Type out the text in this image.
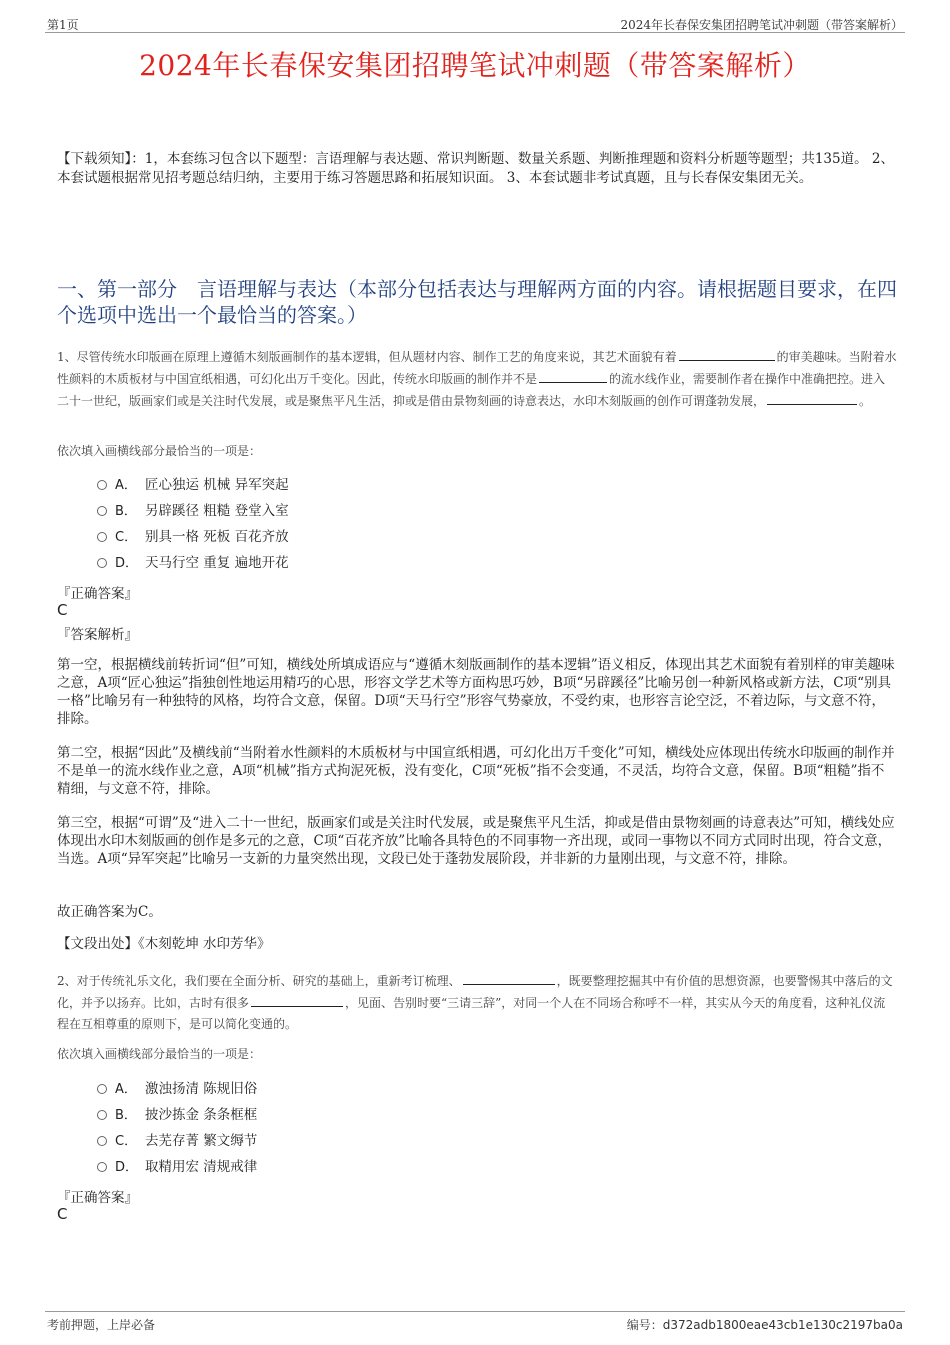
第1页	2024年长春保安集团招聘笔试冲刺题（带答案解析）
2024年长春保安集团招聘笔试冲刺题（带答案解析）
【下载须知】：1，本套练习包含以下题型：言语理解与表达题、常识判断题、数量关系题、判断推理题和资料分析题等题型；共135道。 2、本套试题根据常见招考题总结归纳，主要用于练习答题思路和拓展知识面。 3、本套试题非考试真题，且与长春保安集团无关。
一、第一部分　言语理解与表达（本部分包括表达与理解两方面的内容。请根据题目要求，在四个选项中选出一个最恰当的答案。）
1、尽管传统水印版画在原理上遵循木刻版画制作的基本逻辑，但从题材内容、制作工艺的角度来说，其艺术面貌有着	的审美趣味。当附着水性颜料的木质板材与中国宣纸相遇，可幻化出万千变化。因此，传统水印版画的制作并不是	的流水线作业，需要制作者在操作中准确把控。进入二十一世纪，版画家们或是关注时代发展，或是聚焦平凡生活，抑或是借由景物刻画的诗意表达，水印木刻版画的创作可谓蓬勃发展，	。
依次填入画横线部分最恰当的一项是：
A． 匠心独运 机械 异军突起
B． 另辟蹊径 粗糙 登堂入室
C． 别具一格 死板 百花齐放
D． 天马行空 重复 遍地开花
『正确答案』
C
『答案解析』
第一空，根据横线前转折词“但”可知，横线处所填成语应与“遵循木刻版画制作的基本逻辑”语义相反，体现出其艺术面貌有着别样的审美趣味之意，A项“匠心独运”指独创性地运用精巧的心思，形容文学艺术等方面构思巧妙，B项“另辟蹊径”比喻另创一种新风格或新方法，C项“别具一格”比喻另有一种独特的风格，均符合文意，保留。D项“天马行空”形容气势豪放，不受约束，也形容言论空泛，不着边际，与文意不符，排除。
第二空，根据“因此”及横线前“当附着水性颜料的木质板材与中国宣纸相遇，可幻化出万千变化”可知，横线处应体现出传统水印版画的制作并不是单一的流水线作业之意，A项“机械”指方式拘泥死板，没有变化，C项“死板”指不会变通，不灵活，均符合文意，保留。B项“粗糙”指不精细，与文意不符，排除。
第三空，根据“可谓”及“进入二十一世纪，版画家们或是关注时代发展，或是聚焦平凡生活，抑或是借由景物刻画的诗意表达”可知，横线处应体现出水印木刻版画的创作是多元的之意，C项“百花齐放”比喻各具特色的不同事物一齐出现，或同一事物以不同方式同时出现，符合文意，当选。A项“异军突起”比喻另一支新的力量突然出现，文段已处于蓬勃发展阶段，并非新的力量刚出现，与文意不符，排除。
故正确答案为C。
【文段出处】《木刻乾坤 水印芳华》
2、对于传统礼乐文化，我们要在全面分析、研究的基础上，重新考订梳理、	，既要整理挖掘其中有价值的思想资源，也要警惕其中落后的文化，并予以扬弃。比如，古时有很多	，见面、告别时要“三请三辞”，对同一个人在不同场合称呼不一样，其实从今天的角度看，这种礼仪流程在互相尊重的原则下，是可以简化变通的。
依次填入画横线部分最恰当的一项是：
A． 激浊扬清 陈规旧俗
B． 披沙拣金 条条框框
C． 去芜存菁 繁文缛节
D． 取精用宏 清规戒律
『正确答案』
C
考前押题，上岸必备	编号：d372adb1800eae43cb1e130c2197ba0a
